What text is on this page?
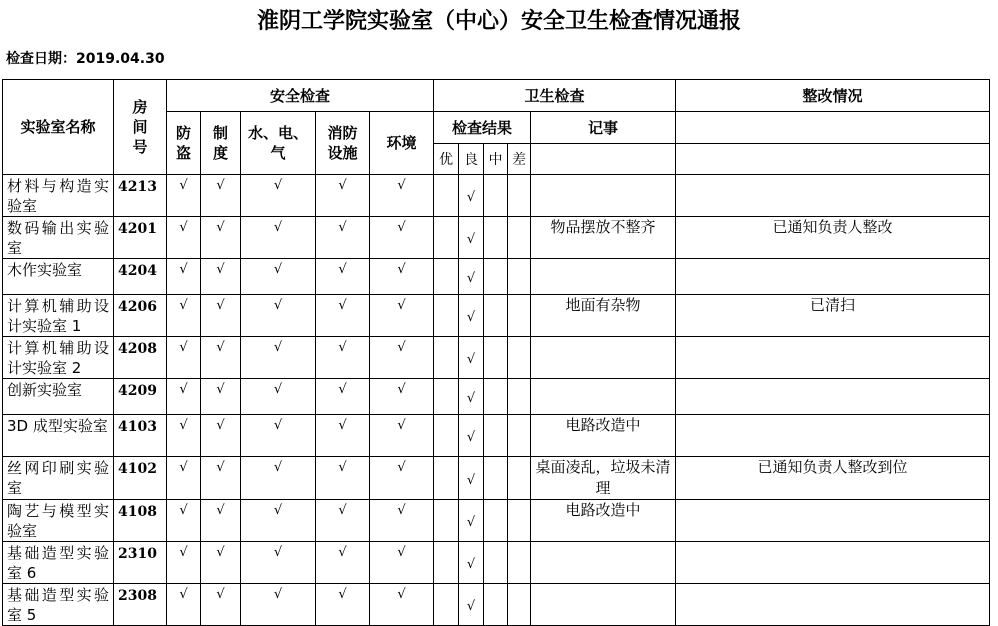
淮阴工学院实验室（中心）安全卫生检查情况通报
检查日期：2019.04.30
实验室名称	房间号	安全检查					卫生检查					整改情况
		防盗	制度	水、电、气	消防设施	环境	检查结果				记事	
							优	良	中	差		
材料与构造实验室	4213	√	√	√	√	√		√				
数码输出实验室	4201	√	√	√	√	√		√			物品摆放不整齐	已通知负责人整改
木作实验室	4204	√	√	√	√	√		√				
计算机辅助设计实验室 1	4206	√	√	√	√	√		√			地面有杂物	已清扫
计算机辅助设计实验室 2	4208	√	√	√	√	√		√				
创新实验室	4209	√	√	√	√	√		√				
3D 成型实验室	4103	√	√	√	√	√		√			电路改造中	
丝网印刷实验室	4102	√	√	√	√	√		√			桌面凌乱，垃圾未清理	已通知负责人整改到位
陶艺与模型实验室	4108	√	√	√	√	√		√			电路改造中	
基础造型实验室 6	2310	√	√	√	√	√		√				
基础造型实验室 5	2308	√	√	√	√	√		√				
